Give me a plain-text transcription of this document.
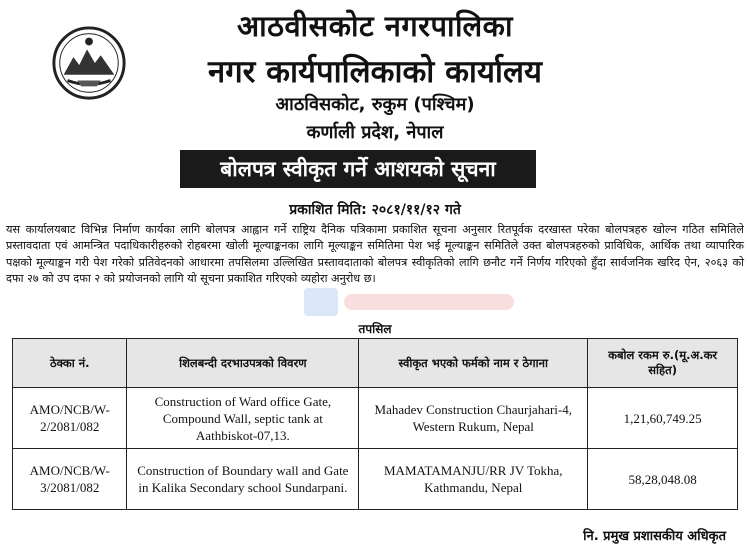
आठवीसकोट नगरपालिका
नगर कार्यपालिकाको कार्यालय
आठविसकोट, रुकुम (पश्चिम)
कर्णाली प्रदेश, नेपाल
बोलपत्र स्वीकृत गर्ने आशयको सूचना
प्रकाशित मिति: २०८१/११/१२ गते

यस कार्यालयबाट विभिन्न निर्माण कार्यका लागि बोलपत्र आह्वान गर्ने राष्ट्रिय दैनिक पत्रिकामा प्रकाशित सूचना अनुसार रितपूर्वक दरखास्त परेका बोलपत्रहरु खोल्न गठित समितिले प्रस्तावदाता एवं आमन्त्रित पदाधिकारीहरुको रोहबरमा खोली मूल्याङ्कनका लागि मूल्याङ्कन समितिमा पेश भई मूल्याङ्कन समितिले उक्त बोलपत्रहरुको प्राविधिक, आर्थिक तथा व्यापारिक पक्षको मूल्याङ्कन गरी पेश गरेको प्रतिवेदनको आधारमा तपसिलमा उल्लिखित प्रस्तावदाताको बोलपत्र स्वीकृतिको लागि छनौट गर्ने निर्णय गरिएको हुँदा सार्वजनिक खरिद ऐन, २०६३ को दफा २७ को उप दफा २ को प्रयोजनको लागि यो सूचना प्रकाशित गरिएको व्यहोरा अनुरोध छ।

तपसिल
ठेक्का नं.	शिलबन्दी दरभाउपत्रको विवरण	स्वीकृत भएको फर्मको नाम र ठेगाना	कबोल रकम रु.(मू.अ.कर सहित)
AMO/NCB/W-2/2081/082	Construction of Ward office Gate, Compound Wall, septic tank at Aathbiskot-07,13.	Mahadev Construction Chaurjahari-4, Western Rukum, Nepal	1,21,60,749.25
AMO/NCB/W-3/2081/082	Construction of Boundary wall and Gate in Kalika Secondary school Sundarpani.	MAMATAMANJU/RR JV Tokha, Kathmandu, Nepal	58,28,048.08
नि. प्रमुख प्रशासकीय अधिकृत
